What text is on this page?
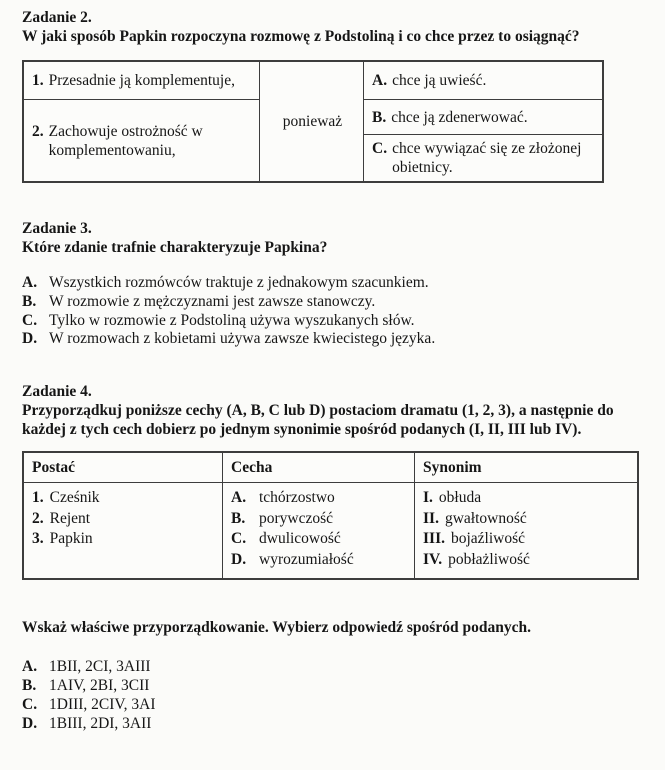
Zadanie 2.

W jaki sposób Papkin rozpoczyna rozmowę z Podstoliną i co chce przez to osiągnąć?

1. Przesadnie ją komplementuje,
2. Zachowuje ostrożność w komplementowaniu,
ponieważ
A. chce ją uwieść.
B. chce ją zdenerwować.
C. chce wywiązać się ze złożonej obietnicy.

Zadanie 3.

Które zdanie trafnie charakteryzuje Papkina?

A. Wszystkich rozmówców traktuje z jednakowym szacunkiem.
B. W rozmowie z mężczyznami jest zawsze stanowczy.
C. Tylko w rozmowie z Podstoliną używa wyszukanych słów.
D. W rozmowach z kobietami używa zawsze kwiecistego języka.

Zadanie 4.

Przyporządkuj poniższe cechy (A, B, C lub D) postaciom dramatu (1, 2, 3), a następnie do każdej z tych cech dobierz po jednym synonimie spośród podanych (I, II, III lub IV).

Postać	Cecha	Synonim
1. Cześnik
2. Rejent
3. Papkin
A. tchórzostwo
B. porywczość
C. dwulicowość
D. wyrozumiałość
I. obłuda
II. gwałtowność
III. bojaźliwość
IV. pobłażliwość

Wskaż właściwe przyporządkowanie. Wybierz odpowiedź spośród podanych.

A. 1BII, 2CI, 3AIII
B. 1AIV, 2BI, 3CII
C. 1DIII, 2CIV, 3AI
D. 1BIII, 2DI, 3AII
